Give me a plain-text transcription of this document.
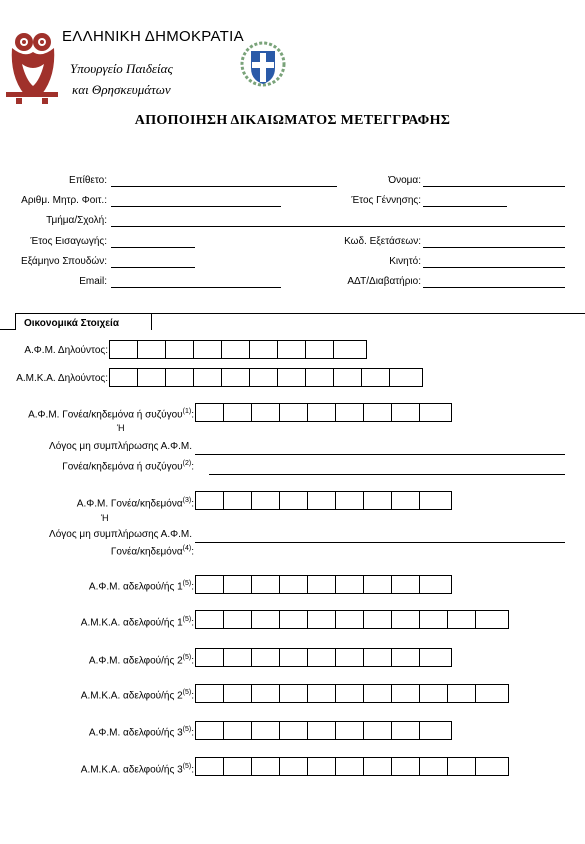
ΕΛΛΗΝΙΚΗ ΔΗΜΟΚΡΑΤΙΑ
Υπουργείο Παιδείας
και Θρησκευμάτων
ΑΠΟΠΟΙΗΣΗ ΔΙΚΑΙΩΜΑΤΟΣ ΜΕΤΕΓΓΡΑΦΗΣ
Επίθετο:	Όνομα:
Αριθμ. Μητρ. Φοιτ.:	Έτος Γέννησης:
Τμήμα/Σχολή:
Έτος Εισαγωγής:	Κωδ. Εξετάσεων:
Εξάμηνο Σπουδών:	Κινητό:
Email:	ΑΔΤ/Διαβατήριο:
Οικονομικά Στοιχεία
Α.Φ.Μ. Δηλούντος:
Α.Μ.Κ.Α. Δηλούντος:
Α.Φ.Μ. Γονέα/κηδεμόνα ή συζύγου$^{(1)}$:
Ή
Λόγος μη συμπλήρωσης Α.Φ.Μ.
Γονέα/κηδεμόνα ή συζύγου$^{(2)}$:
Α.Φ.Μ. Γονέα/κηδεμόνα$^{(3)}$:
Ή
Λόγος μη συμπλήρωσης Α.Φ.Μ.
Γονέα/κηδεμόνα$^{(4)}$:
Α.Φ.Μ. αδελφού/ής 1$^{(5)}$:
Α.Μ.Κ.Α. αδελφού/ής 1$^{(5)}$:
Α.Φ.Μ. αδελφού/ής 2$^{(5)}$:
Α.Μ.Κ.Α. αδελφού/ής 2$^{(5)}$:
Α.Φ.Μ. αδελφού/ής 3$^{(5)}$:
Α.Μ.Κ.Α. αδελφού/ής 3$^{(5)}$:
